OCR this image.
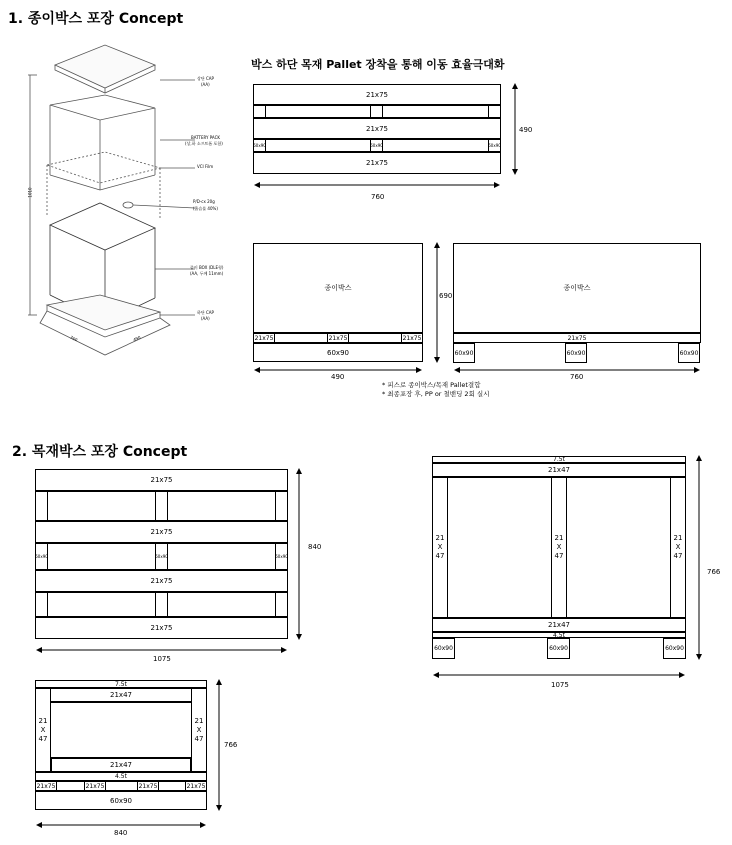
1. 종이박스 포장 Concept
박스 하단 목재 Pallet 장착을 통해 이동 효율극대화
2. 목재박스 포장 Concept
상단 CAP
(AA)
BATTERY PACK
(상,하 소프트폼 포함)
VCI Film
P/D-cx 20g
(흡습률 40%)
종이 BOX (DLE형)
(AA, 두께 11mm)
하단 CAP
(AA)
1010
760	490
21x75
21x75
60x90	60x90	60x90
21x75
종이박스
21x75	21x75	21x75
60x90
종이박스
21x75
60x90	60x90	60x90
* 피스로 종이박스/목재 Pallet결합
* 최종포장 후, PP or 철밴딩 2회 실시
21x75
21x75
60x90	60x90	60x90
21x75
21x75
7.5t
21x47
21
X
47
21
X
47
21
X
47
21x47
4.5t
60x90	60x90	60x90
7.5t
21x47
21
X
47
21
X
47
21x47
4.5t
21x75	21x75	21x75	21x75
60x90
490
760
690
490	760
840
1075
766
1075
766
840
